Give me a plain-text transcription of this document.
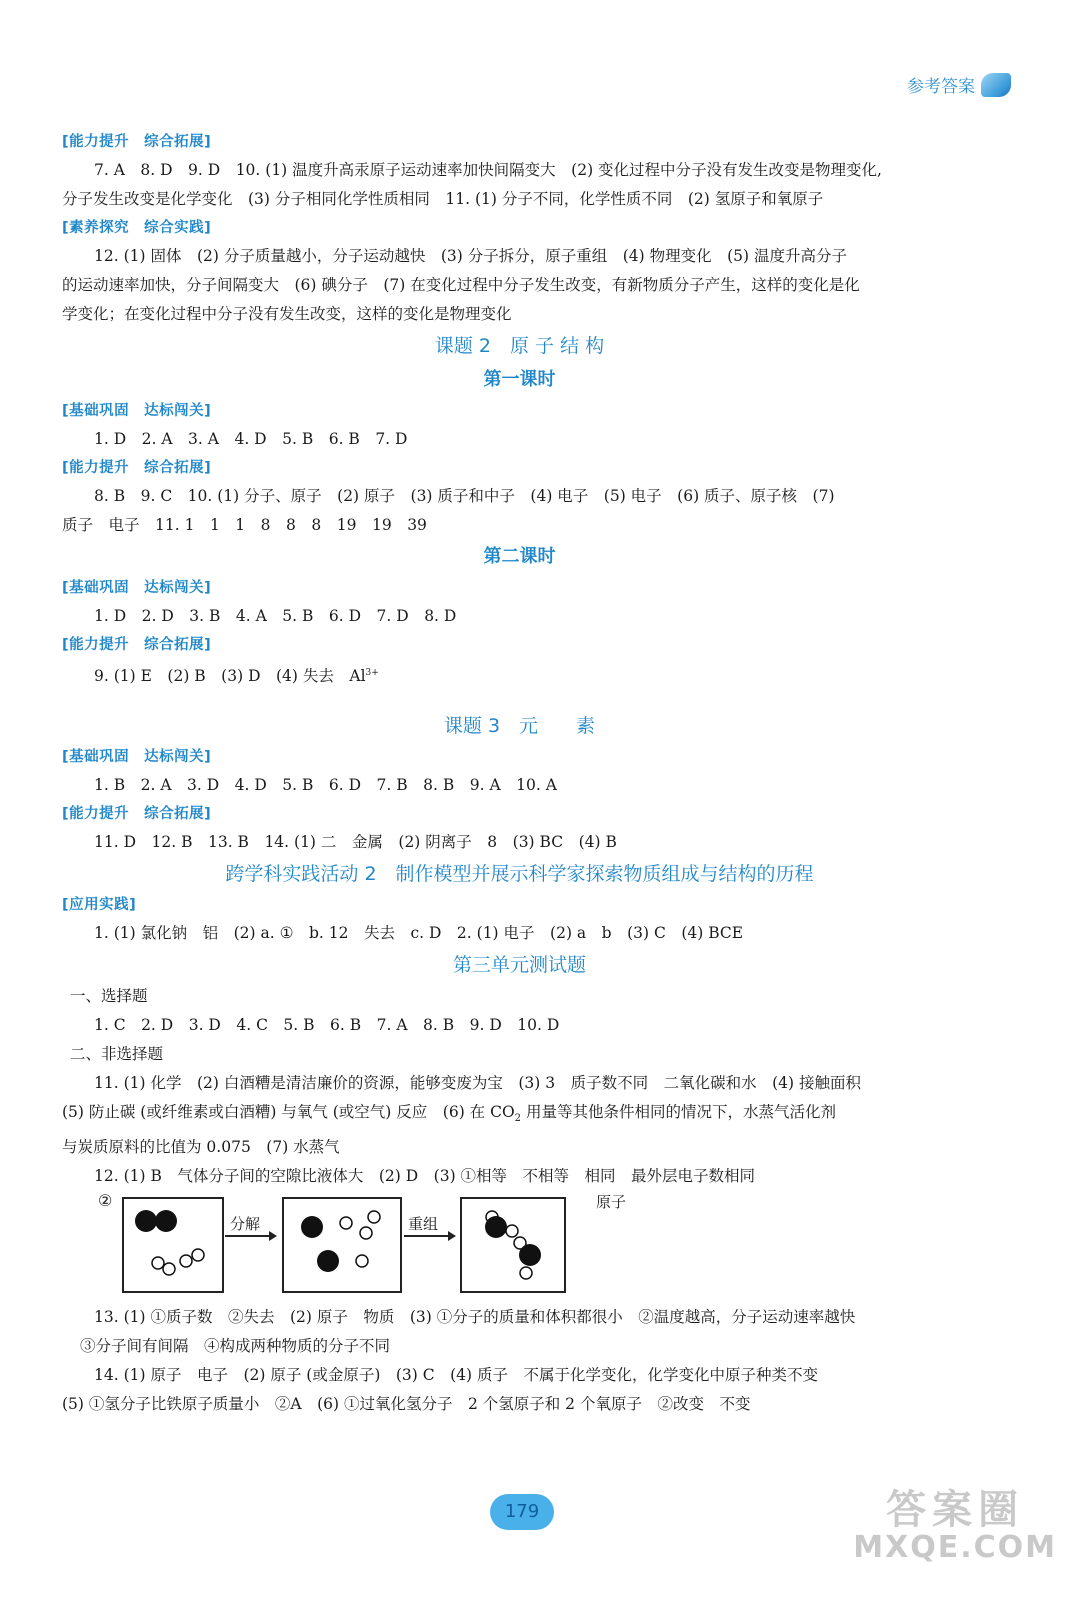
参考答案
[能力提升　综合拓展]
7. A　8. D　9. D　10. (1) 温度升高汞原子运动速率加快间隔变大　(2) 变化过程中分子没有发生改变是物理变化,
分子发生改变是化学变化　(3) 分子相同化学性质相同　11. (1) 分子不同，化学性质不同　(2) 氢原子和氧原子
[素养探究　综合实践]
12. (1) 固体　(2) 分子质量越小，分子运动越快　(3) 分子拆分，原子重组　(4) 物理变化　(5) 温度升高分子
的运动速率加快，分子间隔变大　(6) 碘分子　(7) 在变化过程中分子发生改变，有新物质分子产生，这样的变化是化
学变化；在变化过程中分子没有发生改变，这样的变化是物理变化
课题 2　原 子 结 构
第一课时
[基础巩固　达标闯关]
1. D　2. A　3. A　4. D　5. B　6. B　7. D
[能力提升　综合拓展]
8. B　9. C　10. (1) 分子、原子　(2) 原子　(3) 质子和中子　(4) 电子　(5) 电子　(6) 质子、原子核　(7)
质子　电子　11. 1　1　1　8　8　8　19　19　39
第二课时
[基础巩固　达标闯关]
1. D　2. D　3. B　4. A　5. B　6. D　7. D　8. D
[能力提升　综合拓展]
9. (1) E　(2) B　(3) D　(4) 失去　$Al^{3+}$
课题 3　元　　素
[基础巩固　达标闯关]
1. B　2. A　3. D　4. D　5. B　6. D　7. B　8. B　9. A　10. A
[能力提升　综合拓展]
11. D　12. B　13. B　14. (1) 二　金属　(2) 阴离子　8　(3) BC　(4) B
跨学科实践活动 2　制作模型并展示科学家探索物质组成与结构的历程
[应用实践]
1. (1) 氯化钠　铝　(2) a. ①　b. 12　失去　c. D　2. (1) 电子　(2) a　b　(3) C　(4) BCE
第三单元测试题
一、选择题
1. C　2. D　3. D　4. C　5. B　6. B　7. A　8. B　9. D　10. D
二、非选择题
11. (1) 化学　(2) 白酒糟是清洁廉价的资源，能够变废为宝　(3) 3　质子数不同　二氧化碳和水　(4) 接触面积
(5) 防止碳 (或纤维素或白酒糟) 与氧气 (或空气) 反应　(6) 在 $CO_2$ 用量等其他条件相同的情况下，水蒸气活化剂
与炭质原料的比值为 0.075　(7) 水蒸气
12. (1) B　气体分子间的空隙比液体大　(2) D　(3) ①相等　不相等　相同　最外层电子数相同
②
分解	重组
原子
13. (1) ①质子数　②失去　(2) 原子　物质　(3) ①分子的质量和体积都很小　②温度越高，分子运动速率越快
③分子间有间隔　④构成两种物质的分子不同
14. (1) 原子　电子　(2) 原子 (或金原子)　(3) C　(4) 质子　不属于化学变化，化学变化中原子种类不变
(5) ①氢分子比铁原子质量小　②A　(6) ①过氧化氢分子　2 个氢原子和 2 个氧原子　②改变　不变
179	答案圈
MXQE.COM
